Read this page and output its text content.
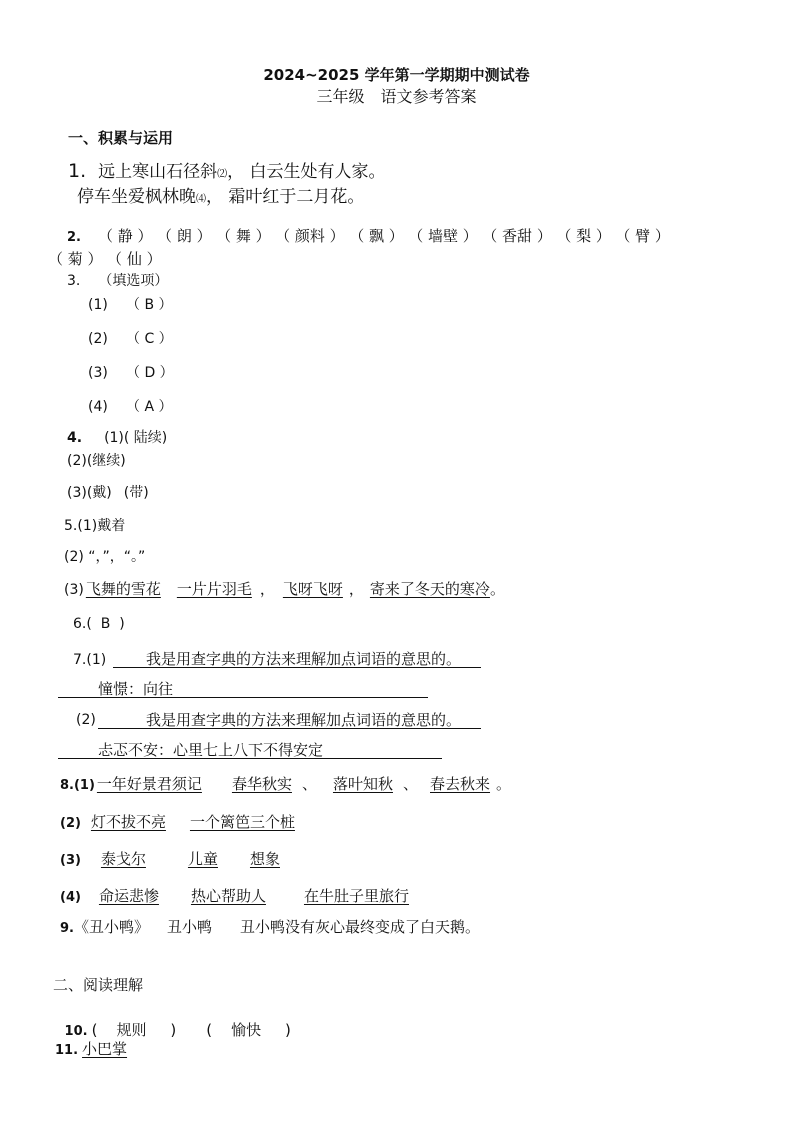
2024~2025 学年第一学期期中测试卷
三年级　语文参考答案
一、积累与运用
1. 远上寒山石径斜⑵， 白云生处有人家。
停车坐爱枫林晚⑷， 霜叶红于二月花。
2. （ 静 ） （ 朗 ） （ 舞 ） （ 颜料 ） （ 飘 ） （ 墙壁 ） （ 香甜 ） （ 梨 ） （ 臂 ）
（ 菊 ） （ 仙 ）
3. （填选项）
(1) （ B ）
(2) （ C ）
(3) （ D ）
(4) （ A ）
4. (1)( 陆续)
(2)(继续)
(3)(戴) (带)
5.(1)戴着
(2) “，”，“。”
(3) 飞舞的雪花 一片片羽毛 ， 飞呀飞呀 ， 寄来了冬天的寒冷。
6.(  B  )
7.(1)	我是用查字典的方法来理解加点词语的意思的。
憧憬：向往
(2)	我是用查字典的方法来理解加点词语的意思的。
忐忑不安：心里七上八下不得安定
8.(1) 一年好景君须记 春华秋实 、 落叶知秋 、 春去秋来 。
(2) 灯不拔不亮 一个篱笆三个桩
(3) 泰戈尔	儿童 想象
(4) 命运悲惨 热心帮助人	在牛肚子里旅行
9.《丑小鸭》 丑小鸭 丑小鸭没有灰心最终变成了白天鹅。
二、阅读理解

10. (    规则     ) (    愉快     )

11. 小巴掌
